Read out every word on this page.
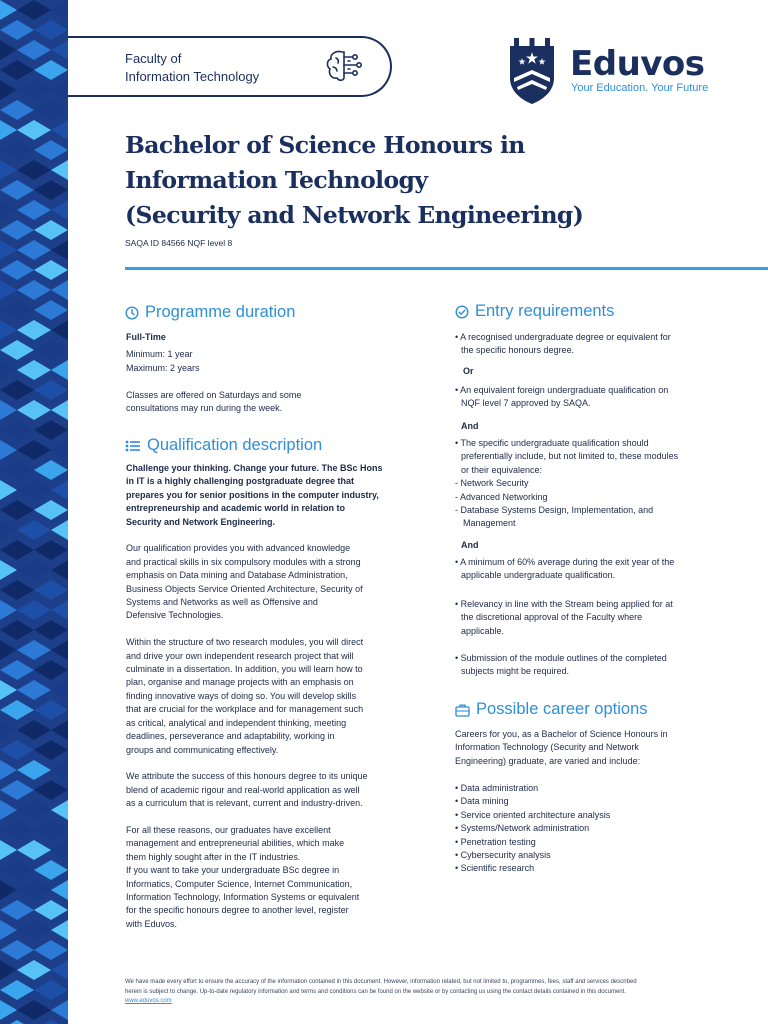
Faculty of
Information Technology	Eduvos
Your Education. Your Future
Bachelor of Science Honours in
Information Technology
(Security and Network Engineering)
SAQA ID 84566 NQF level 8
Programme duration
Full-Time
Minimum: 1 year
Maximum: 2 years
Classes are offered on Saturdays and some
consultations may run during the week.
Qualification description

Challenge your thinking. Change your future. The BSc Hons
in IT is a highly challenging postgraduate degree that
prepares you for senior positions in the computer industry,
entrepreneurship and academic world in relation to
Security and Network Engineering.

Our qualification provides you with advanced knowledge
and practical skills in six compulsory modules with a strong
emphasis on Data mining and Database Administration,
Business Objects Service Oriented Architecture, Security of
Systems and Networks as well as Offensive and
Defensive Technologies.

Within the structure of two research modules, you will direct
and drive your own independent research project that will
culminate in a dissertation. In addition, you will learn how to
plan, organise and manage projects with an emphasis on
finding innovative ways of doing so. You will develop skills
that are crucial for the workplace and for management such
as critical, analytical and independent thinking, meeting
deadlines, perseverance and adaptability, working in
groups and communicating effectively.

We attribute the success of this honours degree to its unique
blend of academic rigour and real-world application as well
as a curriculum that is relevant, current and industry-driven.

For all these reasons, our graduates have excellent
management and entrepreneurial abilities, which make
them highly sought after in the IT industries.
If you want to take your undergraduate BSc degree in
Informatics, Computer Science, Internet Communication,
Information Technology, Information Systems or equivalent
for the specific honours degree to another level, register
with Eduvos.

Entry requirements
• A recognised undergraduate degree or equivalent for
the specific honours degree.
Or
• An equivalent foreign undergraduate qualification on
NQF level 7 approved by SAQA.
And
• The specific undergraduate qualification should
preferentially include, but not limited to, these modules
or their equivalence:
- Network Security
- Advanced Networking
- Database Systems Design, Implementation, and
Management
And
• A minimum of 60% average during the exit year of the
applicable undergraduate qualification.
• Relevancy in line with the Stream being applied for at
the discretional approval of the Faculty where
applicable.
• Submission of the module outlines of the completed
subjects might be required.
Possible career options
Careers for you, as a Bachelor of Science Honours in
Information Technology (Security and Network
Engineering) graduate, are varied and include:
• Data administration
• Data mining
• Service oriented architecture analysis
• Systems/Network administration
• Penetration testing
• Cybersecurity analysis
• Scientific research
We have made every effort to ensure the accuracy of the information contained in this document. However, information related, but not limited to, programmes, fees, staff and services described
herein is subject to change. Up-to-date regulatory information and terms and conditions can be found on the website or by contacting us using the contact details contained in this document.
www.eduvos.com
